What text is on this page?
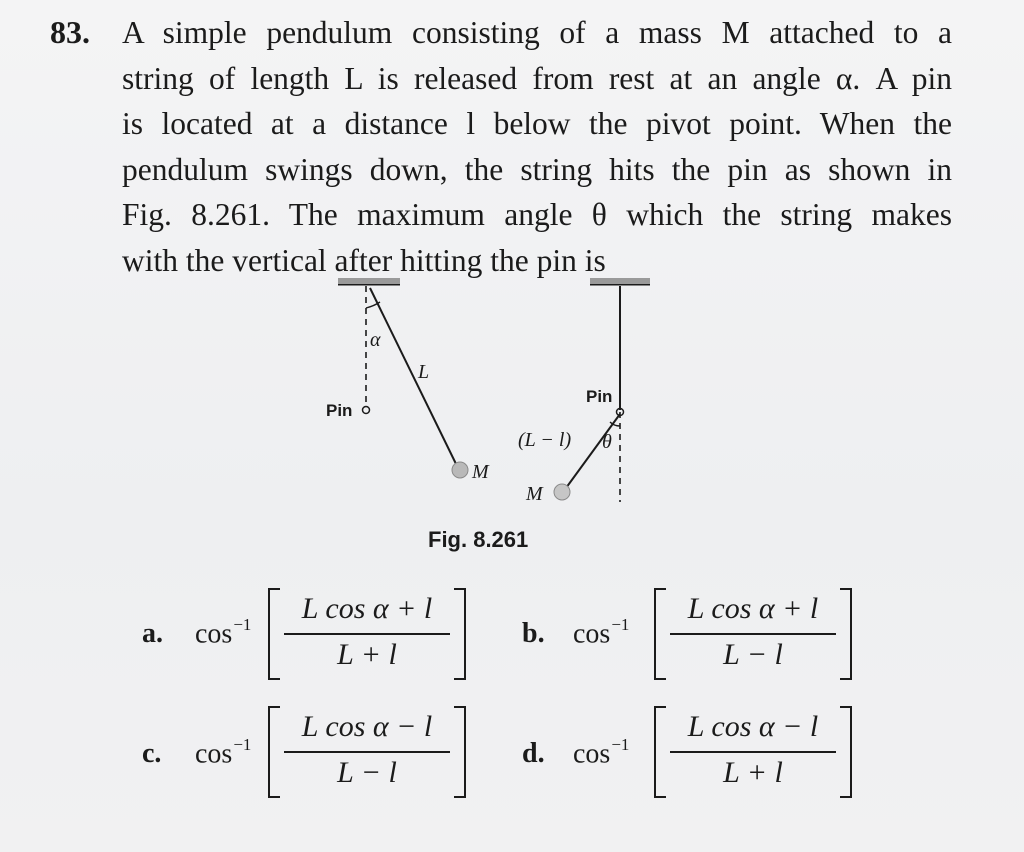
83. A simple pendulum consisting of a mass M attached to a
string of length L is released from rest at an angle α. A pin
is located at a distance l below the pivot point. When the
pendulum swings down, the string hits the pin as shown in
Fig. 8.261. The maximum angle θ which the string makes
with the vertical after hitting the pin is
α
L
Pin
M
Pin
(L − l) θ
M
Fig. 8.261
a. $\cos^{-1}$	L cos α + l
L + l
b. $\cos^{-1}$	L cos α + l
L − l
c. $\cos^{-1}$
L cos α − l
L − l
d. $\cos^{-1}$
L cos α − l
L + l
